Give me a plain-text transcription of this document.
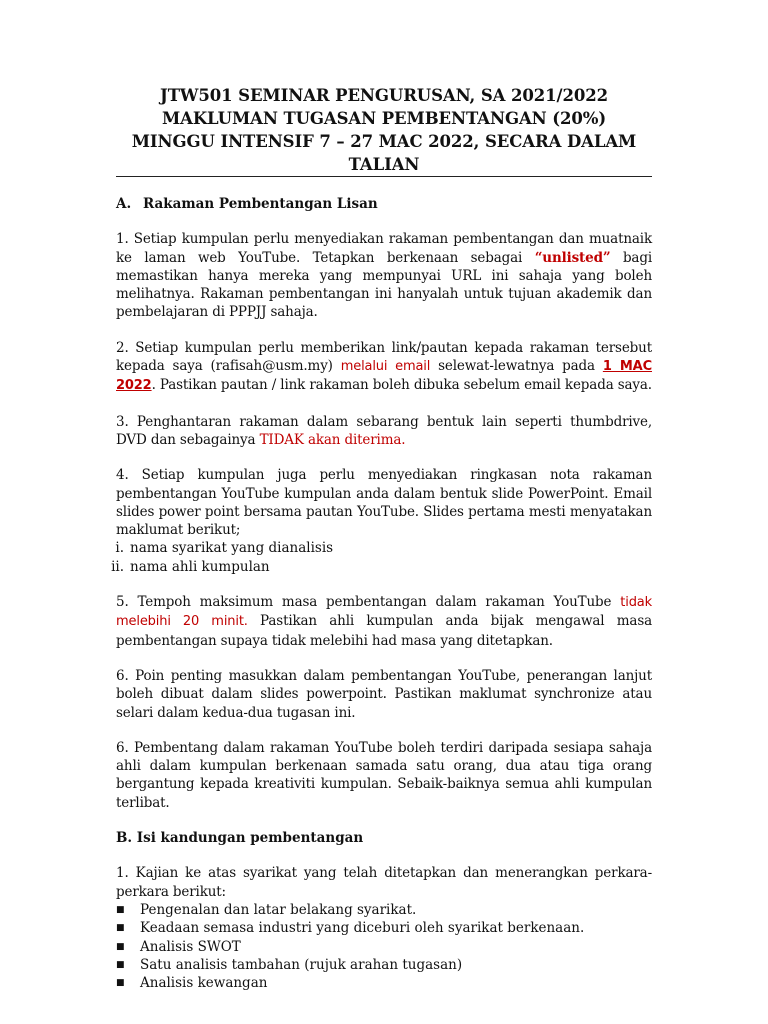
JTW501 SEMINAR PENGURUSAN, SA 2021/2022
MAKLUMAN TUGASAN PEMBENTANGAN (20%)
MINGGU INTENSIF 7 – 27 MAC 2022, SECARA DALAM TALIAN
A. Rakaman Pembentangan Lisan

1. Setiap kumpulan perlu menyediakan rakaman pembentangan dan muatnaik ke laman web YouTube. Tetapkan berkenaan sebagai “unlisted” bagi memastikan hanya mereka yang mempunyai URL ini sahaja yang boleh melihatnya. Rakaman pembentangan ini hanyalah untuk tujuan akademik dan pembelajaran di PPPJJ sahaja.

2. Setiap kumpulan perlu memberikan link/pautan kepada rakaman tersebut kepada saya (rafisah@usm.my) melalui email selewat-lewatnya pada 1 MAC 2022. Pastikan pautan / link rakaman boleh dibuka sebelum email kepada saya.

3. Penghantaran rakaman dalam sebarang bentuk lain seperti thumbdrive, DVD dan sebagainya TIDAK akan diterima.

4. Setiap kumpulan juga perlu menyediakan ringkasan nota rakaman pembentangan YouTube kumpulan anda dalam bentuk slide PowerPoint. Email slides power point bersama pautan YouTube. Slides pertama mesti menyatakan maklumat berikut;

i. nama syarikat yang dianalisis
ii. nama ahli kumpulan

5. Tempoh maksimum masa pembentangan dalam rakaman YouTube tidak melebihi 20 minit. Pastikan ahli kumpulan anda bijak mengawal masa pembentangan supaya tidak melebihi had masa yang ditetapkan.

6. Poin penting masukkan dalam pembentangan YouTube, penerangan lanjut boleh dibuat dalam slides powerpoint. Pastikan maklumat synchronize atau selari dalam kedua-dua tugasan ini.

6. Pembentang dalam rakaman YouTube boleh terdiri daripada sesiapa sahaja ahli dalam kumpulan berkenaan samada satu orang, dua atau tiga orang bergantung kepada kreativiti kumpulan. Sebaik-baiknya semua ahli kumpulan terlibat.

B. Isi kandungan pembentangan

1. Kajian ke atas syarikat yang telah ditetapkan dan menerangkan perkara-perkara berikut:

■	Pengenalan dan latar belakang syarikat.
■	Keadaan semasa industri yang diceburi oleh syarikat berkenaan.
■	Analisis SWOT
■	Satu analisis tambahan (rujuk arahan tugasan)
■	Analisis kewangan
